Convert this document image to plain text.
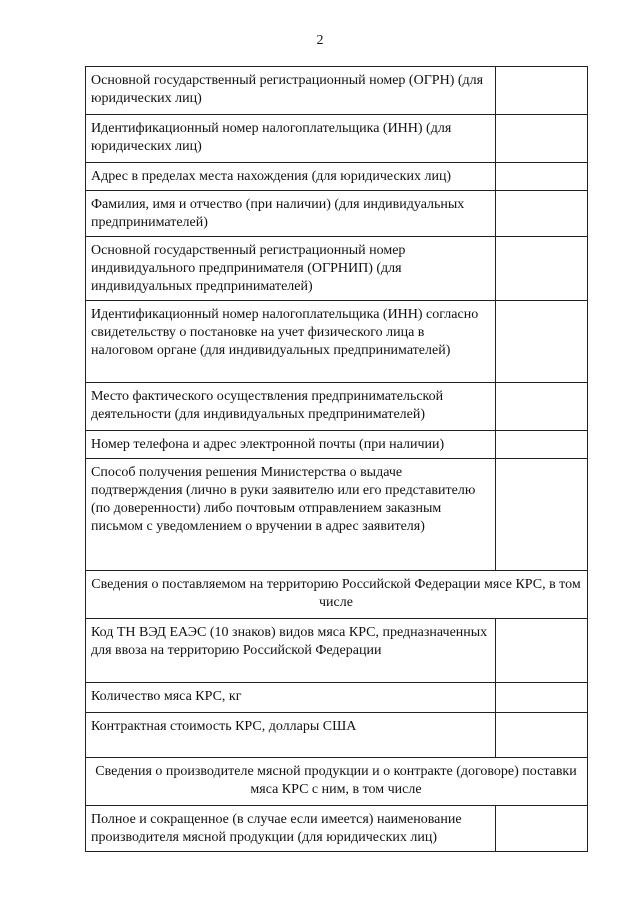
2
Основной государственный регистрационный номер (ОГРН) (для юридических лиц)	
Идентификационный номер налогоплательщика (ИНН) (для юридических лиц)	
Адрес в пределах места нахождения (для юридических лиц)	
Фамилия, имя и отчество (при наличии) (для индивидуальных предпринимателей)	
Основной государственный регистрационный номер индивидуального предпринимателя (ОГРНИП) (для индивидуальных предпринимателей)	
Идентификационный номер налогоплательщика (ИНН) согласно свидетельству о постановке на учет физического лица в налоговом органе (для индивидуальных предпринимателей)	
Место фактического осуществления предпринимательской деятельности (для индивидуальных предпринимателей)	
Номер телефона и адрес электронной почты (при наличии)	
Способ получения решения Министерства о выдаче подтверждения (лично в руки заявителю или его представителю (по доверенности) либо почтовым отправлением заказным письмом с уведомлением о вручении в адрес заявителя)	
Сведения о поставляемом на территорию Российской Федерации мясе КРС, в том числе	
Код ТН ВЭД ЕАЭС (10 знаков) видов мяса КРС, предназначенных для ввоза на территорию Российской Федерации	
Количество мяса КРС, кг	
Контрактная стоимость КРС, доллары США	
Сведения о производителе мясной продукции и о контракте (договоре) поставки мяса КРС с ним, в том числе	
Полное и сокращенное (в случае если имеется) наименование производителя мясной продукции (для юридических лиц)	
